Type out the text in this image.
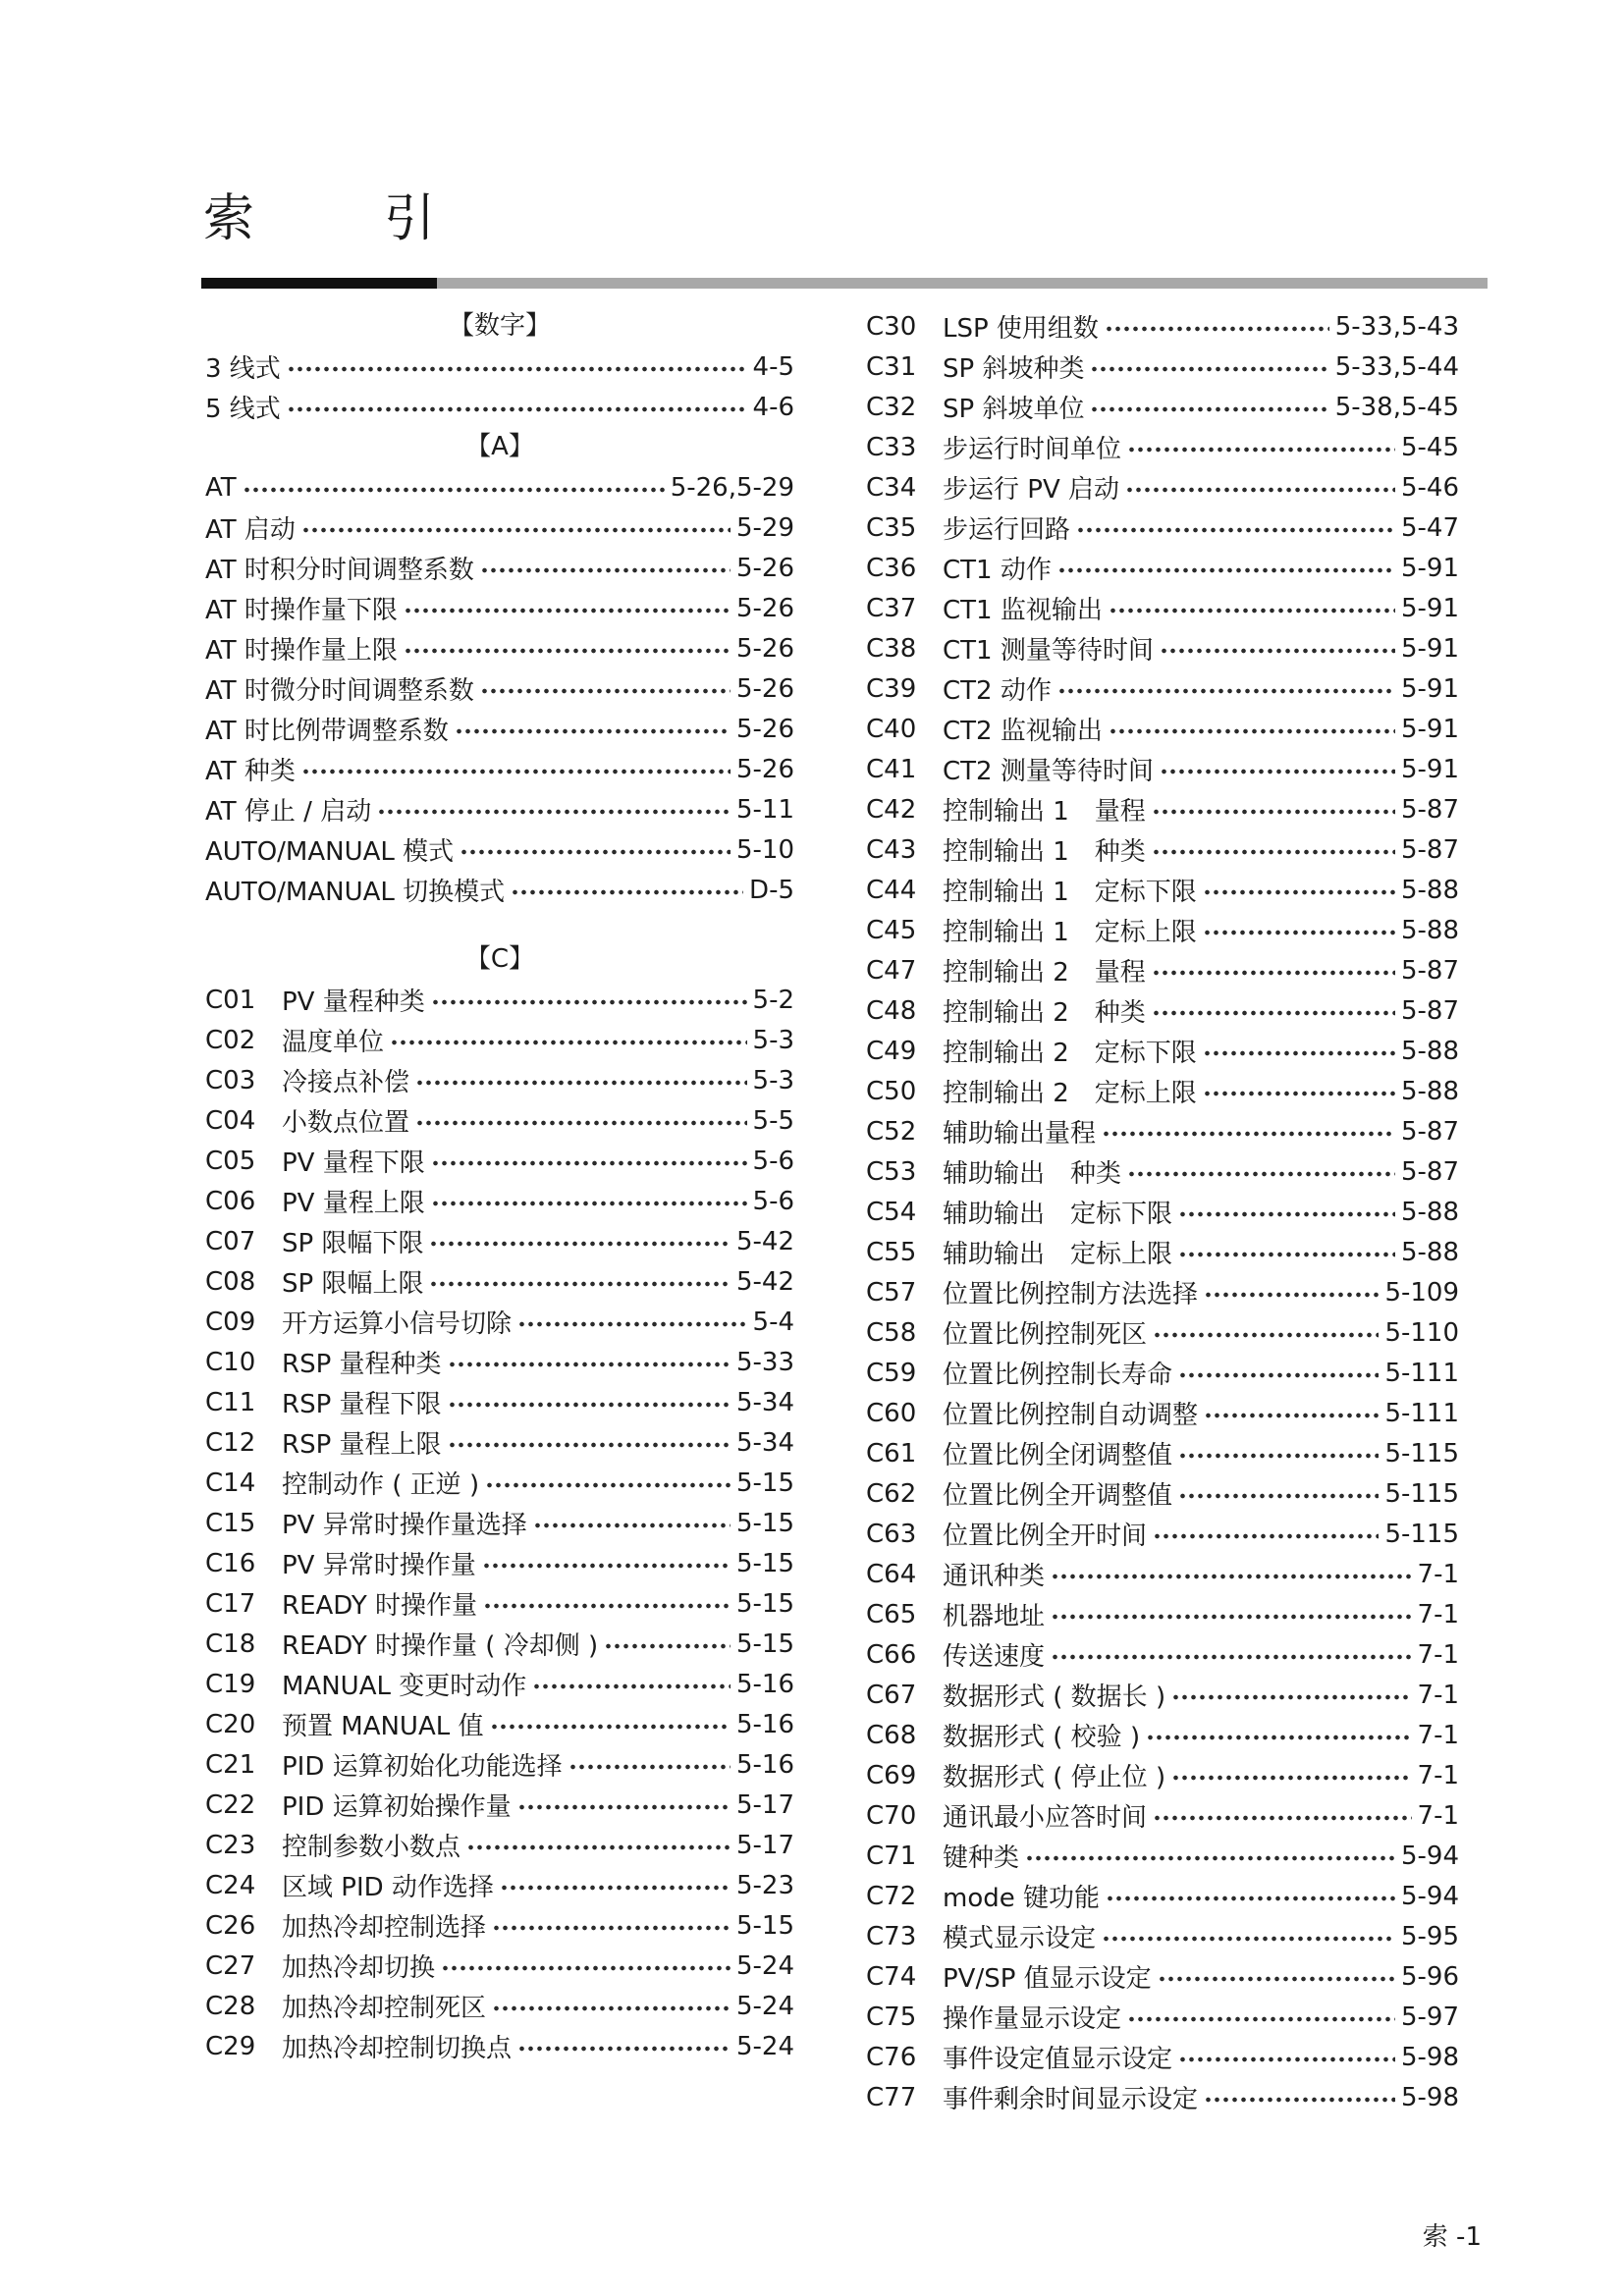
索　引
【数字】
3 线式	4-5
5 线式	4-6
【A】
AT	5-26,5-29
AT 启动	5-29
AT 时积分时间调整系数	5-26
AT 时操作量下限	5-26
AT 时操作量上限	5-26
AT 时微分时间调整系数	5-26
AT 时比例带调整系数	5-26
AT 种类	5-26
AT 停止 / 启动	5-11
AUTO/MANUAL 模式	5-10
AUTO/MANUAL 切换模式	D-5
【C】
C01	PV 量程种类	5-2
C02	温度单位	5-3
C03	冷接点补偿	5-3
C04	小数点位置	5-5
C05	PV 量程下限	5-6
C06	PV 量程上限	5-6
C07	SP 限幅下限	5-42
C08	SP 限幅上限	5-42
C09	开方运算小信号切除	5-4
C10	RSP 量程种类	5-33
C11	RSP 量程下限	5-34
C12	RSP 量程上限	5-34
C14	控制动作 ( 正逆 )	5-15
C15	PV 异常时操作量选择	5-15
C16	PV 异常时操作量	5-15
C17	READY 时操作量	5-15
C18	READY 时操作量 ( 冷却侧 )	5-15
C19	MANUAL 变更时动作	5-16
C20	预置 MANUAL 值	5-16
C21	PID 运算初始化功能选择	5-16
C22	PID 运算初始操作量	5-17
C23	控制参数小数点	5-17
C24	区域 PID 动作选择	5-23
C26	加热冷却控制选择	5-15
C27	加热冷却切换	5-24
C28	加热冷却控制死区	5-24
C29	加热冷却控制切换点	5-24
C30	LSP 使用组数	5-33,5-43
C31	SP 斜坡种类	5-33,5-44
C32	SP 斜坡单位	5-38,5-45
C33	步运行时间单位	5-45
C34	步运行 PV 启动	5-46
C35	步运行回路	5-47
C36	CT1 动作	5-91
C37	CT1 监视输出	5-91
C38	CT1 测量等待时间	5-91
C39	CT2 动作	5-91
C40	CT2 监视输出	5-91
C41	CT2 测量等待时间	5-91
C42	控制输出 1　量程	5-87
C43	控制输出 1　种类	5-87
C44	控制输出 1　定标下限	5-88
C45	控制输出 1　定标上限	5-88
C47	控制输出 2　量程	5-87
C48	控制输出 2　种类	5-87
C49	控制输出 2　定标下限	5-88
C50	控制输出 2　定标上限	5-88
C52	辅助输出量程	5-87
C53	辅助输出　种类	5-87
C54	辅助输出　定标下限	5-88
C55	辅助输出　定标上限	5-88
C57	位置比例控制方法选择	5-109
C58	位置比例控制死区	5-110
C59	位置比例控制长寿命	5-111
C60	位置比例控制自动调整	5-111
C61	位置比例全闭调整值	5-115
C62	位置比例全开调整值	5-115
C63	位置比例全开时间	5-115
C64	通讯种类	7-1
C65	机器地址	7-1
C66	传送速度	7-1
C67	数据形式 ( 数据长 )	7-1
C68	数据形式 ( 校验 )	7-1
C69	数据形式 ( 停止位 )	7-1
C70	通讯最小应答时间	7-1
C71	键种类	5-94
C72	mode 键功能	5-94
C73	模式显示设定	5-95
C74	PV/SP 值显示设定	5-96
C75	操作量显示设定	5-97
C76	事件设定值显示设定	5-98
C77	事件剩余时间显示设定	5-98
索 -1
